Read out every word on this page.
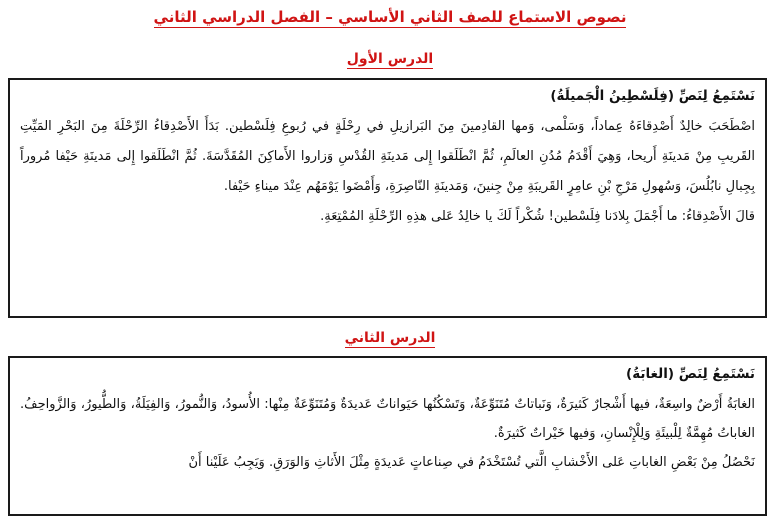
نصوص الاستماع للصف الثاني الأساسي – الفصل الدراسي الثاني
الدرس الأول
نَسْتَمِعُ لِنَصِّ (فِلَسْطِينُ الْجَميلَةُ)

اصْطَحَبَ خالِدٌ أَصْدِقاءَهُ عِماداً، وَسَلْمى، وَمها القادِمينَ مِنَ البَرازيلِ في رِحْلَةٍ في رُبوعِ فِلَسْطين. بَدَأَ الأَصْدِقاءُ الرِّحْلَةَ مِنَ البَحْرِ المَيِّتِ القَريبِ مِنْ مَدينَةِ أَريحا، وَهِيَ أَقْدَمُ مُدُنِ العالَمِ، ثُمَّ انْطَلَقوا إِلى مَدينَةِ القُدْسِ وَزاروا الأَماكِنَ المُقَدَّسَةَ. ثُمَّ انْطَلَقوا إِلى مَدينَةِ حَيْفا مُروراً بِجِبالِ نابُلُسَ، وَسُهولِ مَرْجِ بْنِ عامِرٍ القَريبَةِ مِنْ جِنينَ، وَمَدينَةِ النّاصِرَةِ، وَأَمْضَوا يَوْمَهُم عِنْدَ ميناءِ حَيْفا.

قالَ الأَصْدِقاءُ: ما أَجْمَلَ بِلادَنا فِلَسْطين! شُكْراً لَكَ يا خالِدُ عَلى هذِهِ الرِّحْلَةِ المُمْتِعَةِ.

الدرس الثاني
نَسْتَمِعُ لِنَصِّ (الغابَةُ)

الغابَةُ أَرْضٌ واسِعَةٌ، فيها أَشْجارٌ كَثيرَةٌ، وَنَباتاتٌ مُتَنَوِّعَةٌ، وَتَسْكُنُها حَيَواناتٌ عَديدَةٌ وَمُتَنَوِّعَةٌ مِنْها: الأُسودُ، وَالنُّمورُ، وَالفِيَلَةُ، وَالطُّيورُ، وَالزَّواحِفُ. الغاباتُ مُهِمَّةٌ لِلْبيئَةِ وَلِلْإِنْسانِ، وَفيها خَيْراتٌ كَثيرَةٌ.

نَحْصُلُ مِنْ بَعْضِ الغاباتِ عَلى الأَخْشابِ الَّتي تُسْتَخْدَمُ في صِناعاتٍ عَديدَةٍ مِثْلَ الأَثاثِ وَالوَرَقِ. وَيَجِبُ عَلَيْنا أَنْ
